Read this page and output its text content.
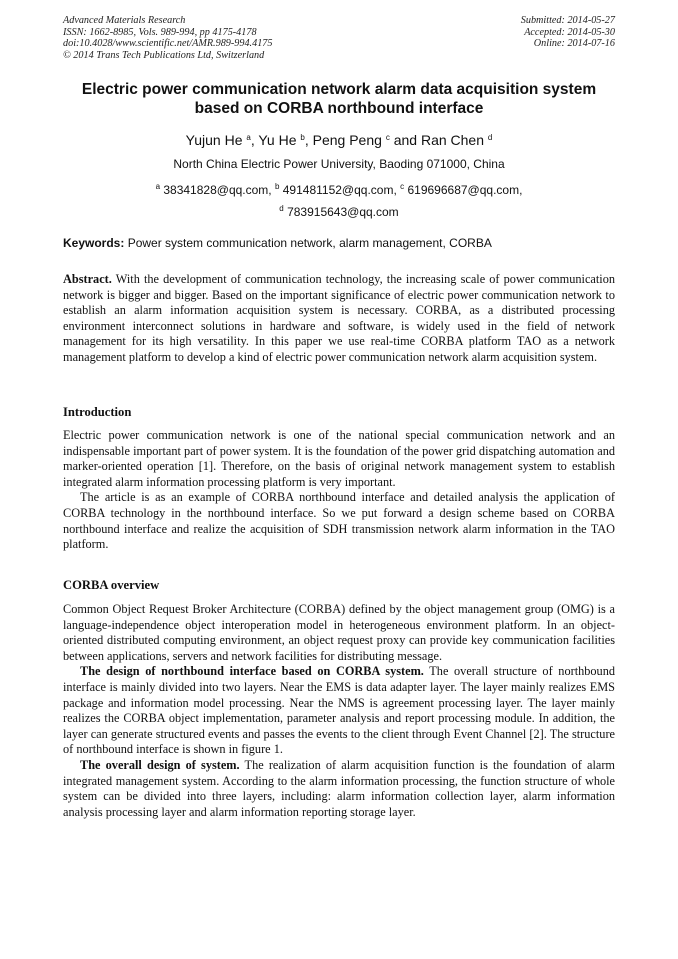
Advanced Materials Research
ISSN: 1662-8985, Vols. 989-994, pp 4175-4178
doi:10.4028/www.scientific.net/AMR.989-994.4175
© 2014 Trans Tech Publications Ltd, Switzerland
Submitted: 2014-05-27
Accepted: 2014-05-30
Online: 2014-07-16
Electric power communication network alarm data acquisition system based on CORBA northbound interface
Yujun He $^a$, Yu He $^b$, Peng Peng $^c$ and Ran Chen $^d$
North China Electric Power University, Baoding 071000, China
$^a$ 38341828@qq.com, $^b$ 491481152@qq.com, $^c$ 619696687@qq.com,
$^d$ 783915643@qq.com
Keywords: Power system communication network, alarm management, CORBA

Abstract. With the development of communication technology, the increasing scale of power communication network is bigger and bigger. Based on the important significance of electric power communication network to establish an alarm information acquisition system is necessary. CORBA, as a distributed processing environment interconnect solutions in hardware and software, is widely used in the field of network management for its high versatility. In this paper we use real-time CORBA platform TAO as a network management platform to develop a kind of electric power communication network alarm acquisition system.

Introduction

Electric power communication network is one of the national special communication network and an indispensable important part of power system. It is the foundation of the power grid dispatching automation and marker-oriented operation [1]. Therefore, on the basis of original network management system to establish integrated alarm information processing platform is very important.

The article is as an example of CORBA northbound interface and detailed analysis the application of CORBA technology in the northbound interface. So we put forward a design scheme based on CORBA northbound interface and realize the acquisition of SDH transmission network alarm information in the TAO platform.

CORBA overview

Common Object Request Broker Architecture (CORBA) defined by the object management group (OMG) is a language-independence object interoperation model in heterogeneous environment platform. In an object-oriented distributed computing environment, an object request proxy can provide key communication facilities between applications, servers and network facilities for distributing message.

The design of northbound interface based on CORBA system. The overall structure of northbound interface is mainly divided into two layers. Near the EMS is data adapter layer. The layer mainly realizes EMS package and information model processing. Near the NMS is agreement processing layer. The layer mainly realizes the CORBA object implementation, parameter analysis and report processing module. In addition, the layer can generate structured events and passes the events to the client through Event Channel [2]. The structure of northbound interface is shown in figure 1.

The overall design of system. The realization of alarm acquisition function is the foundation of alarm integrated management system. According to the alarm information processing, the function structure of whole system can be divided into three layers, including: alarm information collection layer, alarm information analysis processing layer and alarm information reporting storage layer.
